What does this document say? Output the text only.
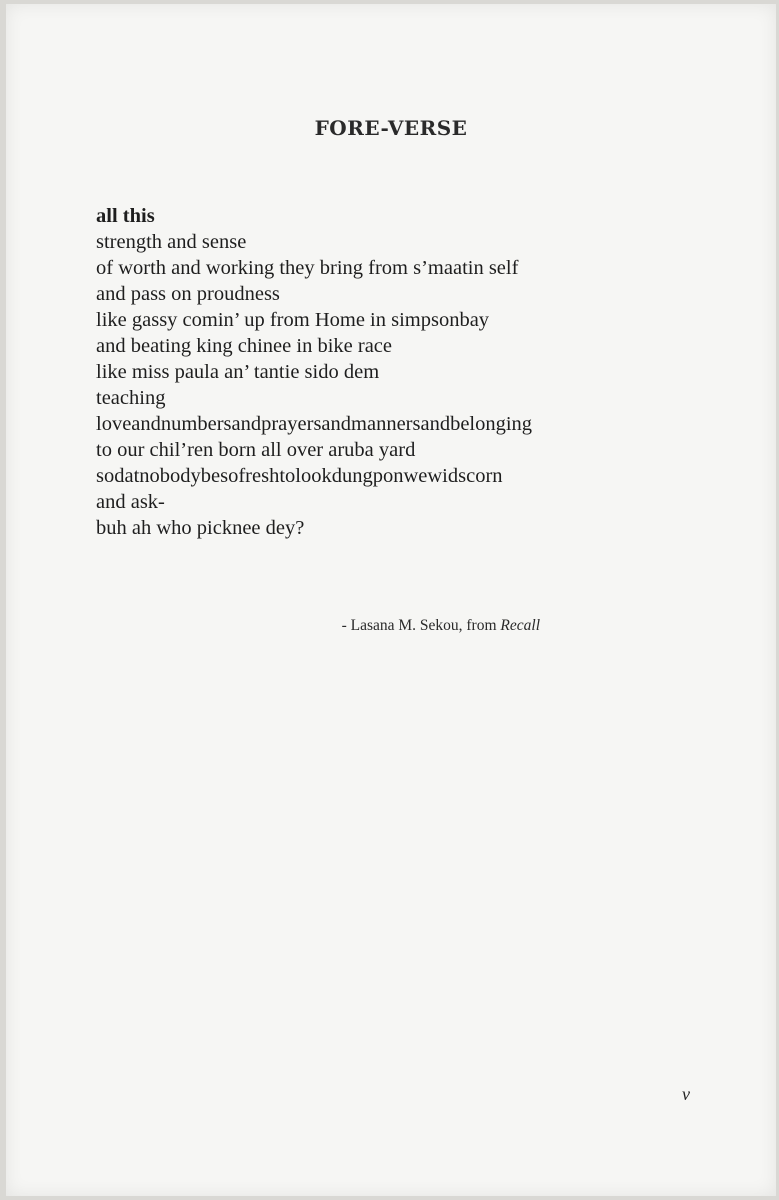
FORE-VERSE
all this
strength and sense
of worth and working they bring from s’maatin self
and pass on proudness
like gassy comin’ up from Home in simpsonbay
and beating king chinee in bike race
like miss paula an’ tantie sido dem
teaching
loveandnumbersandprayersandmannersandbelonging
to our chil’ren born all over aruba yard
sodatnobodybesofreshtolookdungponwewidscorn
and ask-
buh ah who picknee dey?
- Lasana M. Sekou, from Recall
v
